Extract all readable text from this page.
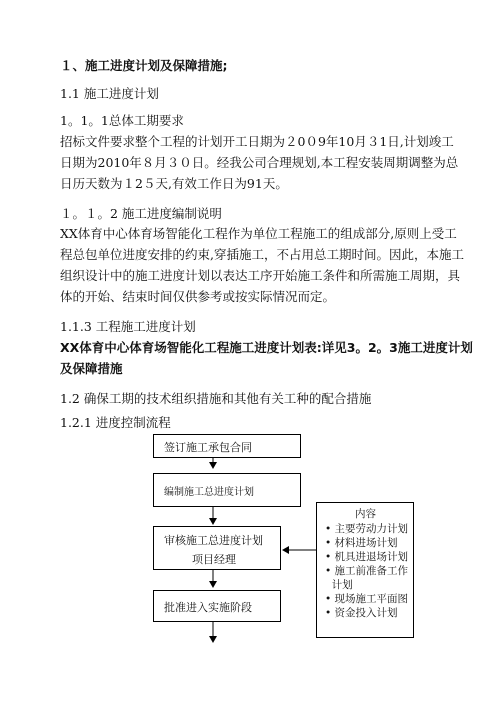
１、施工进度计划及保障措施;
1.1 施工进度计划
1。1。1总体工期要求
招标文件要求整个工程的计划开工日期为２0０9年10月３1日,计划竣工
日期为2010年８月３０日。经我公司合理规划,本工程安装周期调整为总
日历天数为１2５天,有效工作日为91天。
１。１。2 施工进度编制说明
XX体育中心体育场智能化工程作为单位工程施工的组成部分,原则上受工
程总包单位进度安排的约束,穿插施工，不占用总工期时间。因此，本施工
组织设计中的施工进度计划以表达工序开始施工条件和所需施工周期，具
体的开始、结束时间仅供参考或按实际情况而定。
1.1.3 工程施工进度计划
XX体育中心体育场智能化工程施工进度计划表:详见3。2。3施工进度计划
及保障措施
1.2 确保工期的技术组织措施和其他有关工种的配合措施
1.2.1 进度控制流程
签订施工承包合同
编制施工总进度计划
审核施工总进度计划
项目经理
批准进入实施阶段
内容
• 主要劳动力计划
• 材料进场计划
• 机具进退场计划
• 施工前准备工作
计划
• 现场施工平面图
• 资金投入计划
